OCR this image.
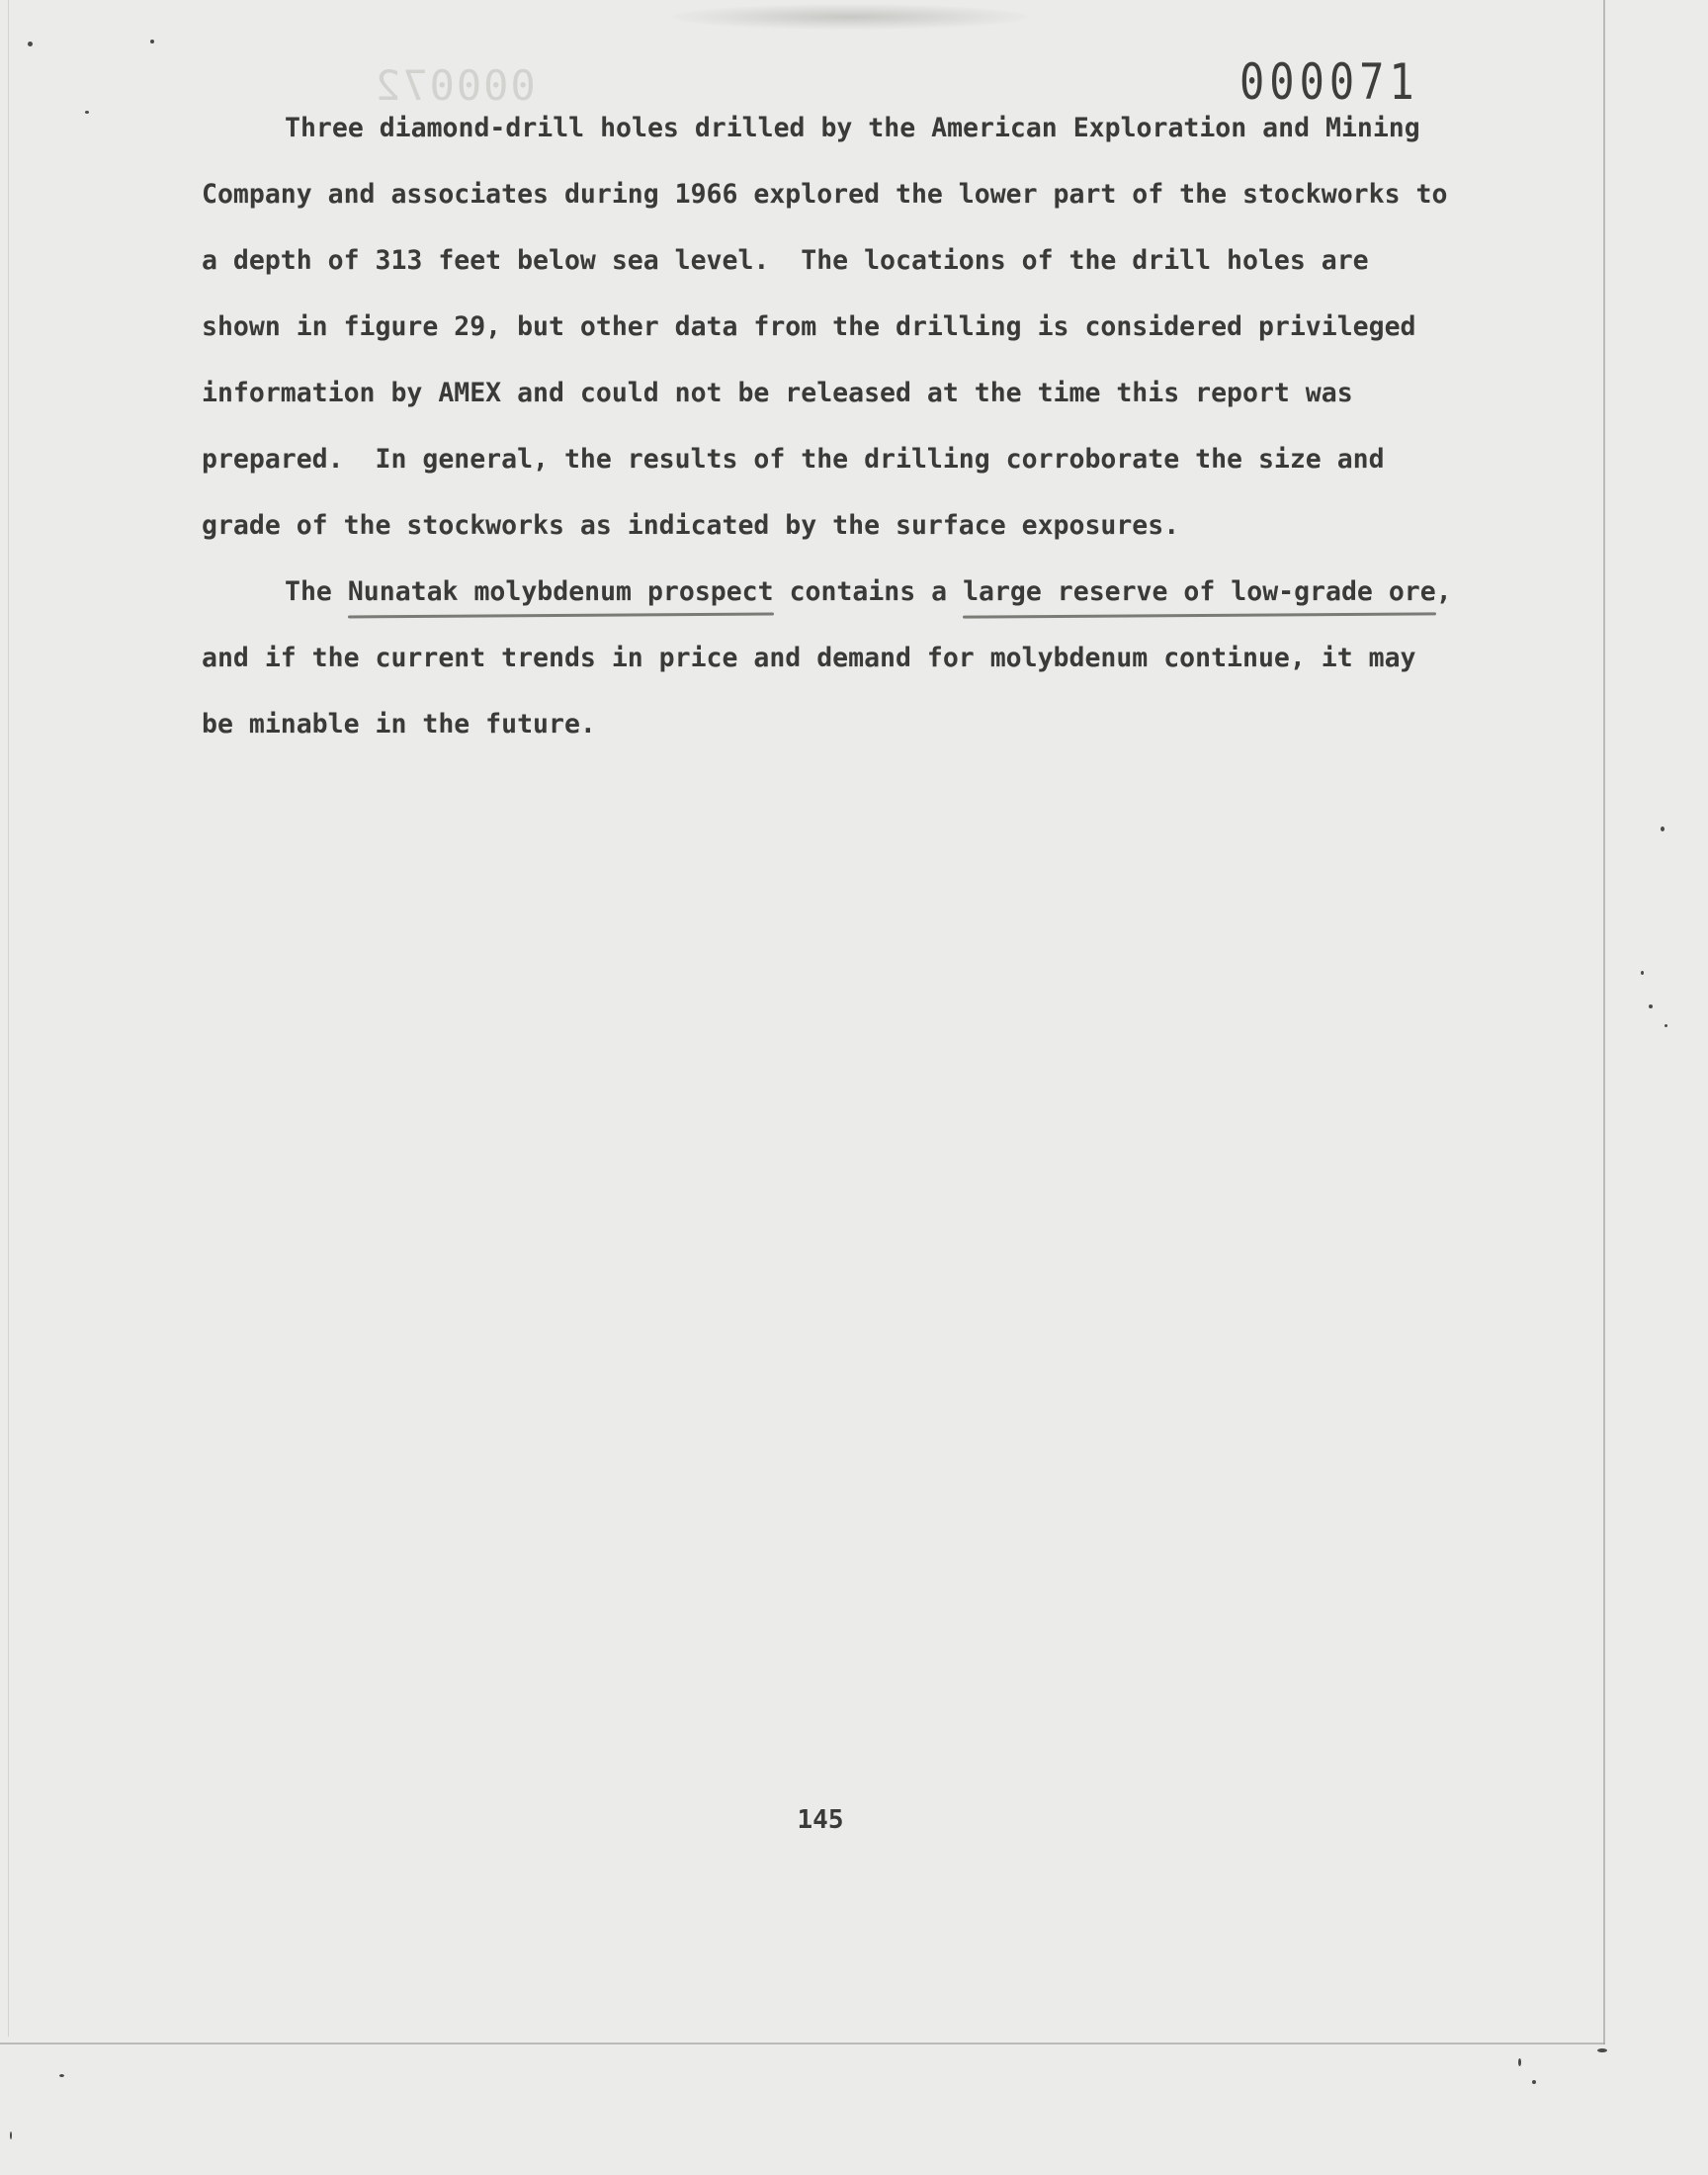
000072	000071
Three diamond-drill holes drilled by the American Exploration and Mining
Company and associates during 1966 explored the lower part of the stockworks to
a depth of 313 feet below sea level.  The locations of the drill holes are
shown in figure 29, but other data from the drilling is considered privileged
information by AMEX and could not be released at the time this report was
prepared.  In general, the results of the drilling corroborate the size and
grade of the stockworks as indicated by the surface exposures.
The Nunatak molybdenum prospect contains a large reserve of low-grade ore,
and if the current trends in price and demand for molybdenum continue, it may
be minable in the future.
145
